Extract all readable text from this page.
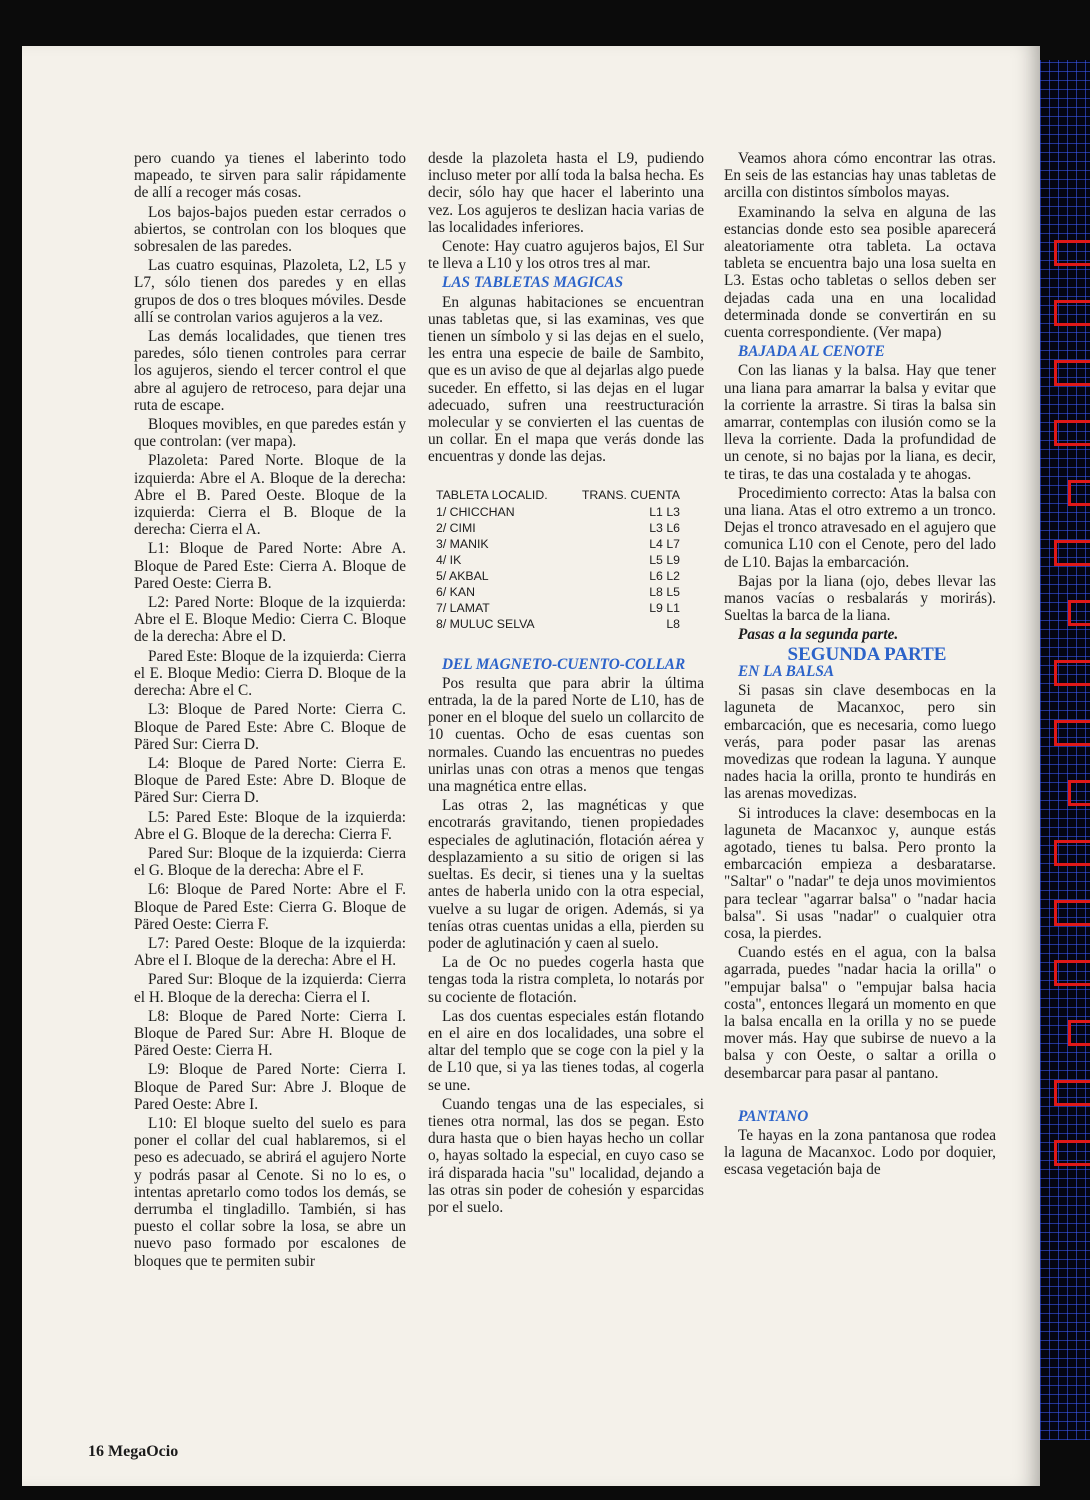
pero cuando ya tienes el laberinto todo mapeado, te sirven para salir rápidamente de allí a recoger más cosas.

Los bajos-bajos pueden estar cerrados o abiertos, se controlan con los bloques que sobresalen de las paredes.

Las cuatro esquinas, Plazoleta, L2, L5 y L7, sólo tienen dos paredes y en ellas grupos de dos o tres bloques móviles. Desde allí se controlan varios agujeros a la vez.

Las demás localidades, que tienen tres paredes, sólo tienen controles para cerrar los agujeros, siendo el tercer control el que abre al agujero de retroceso, para dejar una ruta de escape.

Bloques movibles, en que paredes están y que controlan: (ver mapa).

Plazoleta: Pared Norte. Bloque de la izquierda: Abre el A. Bloque de la derecha: Abre el B. Pared Oeste. Bloque de la izquierda: Cierra el B. Bloque de la derecha: Cierra el A.

L1: Bloque de Pared Norte: Abre A. Bloque de Pared Este: Cierra A. Bloque de Pared Oeste: Cierra B.

L2: Pared Norte: Bloque de la izquierda: Abre el E. Bloque Medio: Cierra C. Bloque de la derecha: Abre el D.

Pared Este: Bloque de la izquierda: Cierra el E. Bloque Medio: Cierra D. Bloque de la derecha: Abre el C.

L3: Bloque de Pared Norte: Cierra C. Bloque de Pared Este: Abre C. Bloque de Päred Sur: Cierra D.

L4: Bloque de Pared Norte: Cierra E. Bloque de Pared Este: Abre D. Bloque de Päred Sur: Cierra D.

L5: Pared Este: Bloque de la izquierda: Abre el G. Bloque de la derecha: Cierra F.

Pared Sur: Bloque de la izquierda: Cierra el G. Bloque de la derecha: Abre el F.

L6: Bloque de Pared Norte: Abre el F. Bloque de Pared Este: Cierra G. Bloque de Päred Oeste: Cierra F.

L7: Pared Oeste: Bloque de la izquierda: Abre el I. Bloque de la derecha: Abre el H.

Pared Sur: Bloque de la izquierda: Cierra el H. Bloque de la derecha: Cierra el I.

L8: Bloque de Pared Norte: Cierra I. Bloque de Pared Sur: Abre H. Bloque de Päred Oeste: Cierra H.

L9: Bloque de Pared Norte: Cierra I. Bloque de Pared Sur: Abre J. Bloque de Pared Oeste: Abre I.

L10: El bloque suelto del suelo es para poner el collar del cual hablaremos, si el peso es adecuado, se abrirá el agujero Norte y podrás pasar al Cenote. Si no lo es, o intentas apretarlo como todos los demás, se derrumba el tingladillo. También, si has puesto el collar sobre la losa, se abre un nuevo paso formado por escalones de bloques que te permiten subir

desde la plazoleta hasta el L9, pudiendo incluso meter por allí toda la balsa hecha. Es decir, sólo hay que hacer el laberinto una vez. Los agujeros te deslizan hacia varias de las localidades inferiores.

Cenote: Hay cuatro agujeros bajos, El Sur te lleva a L10 y los otros tres al mar.

LAS TABLETAS MAGICAS

En algunas habitaciones se encuentran unas tabletas que, si las examinas, ves que tienen un símbolo y si las dejas en el suelo, les entra una especie de baile de Sambito, que es un aviso de que al dejarlas algo puede suceder. En effetto, si las dejas en el lugar adecuado, sufren una reestructuración molecular y se convierten el las cuentas de un collar. En el mapa que verás donde las encuentras y donde las dejas.

TABLETA LOCALID.	TRANS. CUENTA
1/ CHICCHAN	L1 L3
2/ CIMI	L3 L6
3/ MANIK	L4 L7
4/ IK	L5 L9
5/ AKBAL	L6 L2
6/ KAN	L8 L5
7/ LAMAT	L9 L1
8/ MULUC SELVA	L8

DEL MAGNETO-CUENTO-COLLAR

Pos resulta que para abrir la última entrada, la de la pared Norte de L10, has de poner en el bloque del suelo un collarcito de 10 cuentas. Ocho de esas cuentas son normales. Cuando las encuentras no puedes unirlas unas con otras a menos que tengas una magnética entre ellas.

Las otras 2, las magnéticas y que encotrarás gravitando, tienen propiedades especiales de aglutinación, flotación aérea y desplazamiento a su sitio de origen si las sueltas. Es decir, si tienes una y la sueltas antes de haberla unido con la otra especial, vuelve a su lugar de origen. Además, si ya tenías otras cuentas unidas a ella, pierden su poder de aglutinación y caen al suelo.

La de Oc no puedes cogerla hasta que tengas toda la ristra completa, lo notarás por su cociente de flotación.

Las dos cuentas especiales están flotando en el aire en dos localidades, una sobre el altar del templo que se coge con la piel y la de L10 que, si ya las tienes todas, al cogerla se une.

Cuando tengas una de las especiales, si tienes otra normal, las dos se pegan. Esto dura hasta que o bien hayas hecho un collar o, hayas soltado la especial, en cuyo caso se irá disparada hacia "su" localidad, dejando a las otras sin poder de cohesión y esparcidas por el suelo.

Veamos ahora cómo encontrar las otras. En seis de las estancias hay unas tabletas de arcilla con distintos símbolos mayas.

Examinando la selva en alguna de las estancias donde esto sea posible aparecerá aleatoriamente otra tableta. La octava tableta se encuentra bajo una losa suelta en L3. Estas ocho tabletas o sellos deben ser dejadas cada una en una localidad determinada donde se convertirán en su cuenta correspondiente. (Ver mapa)

BAJADA AL CENOTE

Con las lianas y la balsa. Hay que tener una liana para amarrar la balsa y evitar que la corriente la arrastre. Si tiras la balsa sin amarrar, contemplas con ilusión como se la lleva la corriente. Dada la profundidad de un cenote, si no bajas por la liana, es decir, te tiras, te das una costalada y te ahogas.

Procedimiento correcto: Atas la balsa con una liana. Atas el otro extremo a un tronco. Dejas el tronco atravesado en el agujero que comunica L10 con el Cenote, pero del lado de L10. Bajas la embarcación.

Bajas por la liana (ojo, debes llevar las manos vacías o resbalarás y morirás). Sueltas la barca de la liana.

Pasas a la segunda parte.

SEGUNDA PARTE

EN LA BALSA

Si pasas sin clave desembocas en la laguneta de Macanxoc, pero sin embarcación, que es necesaria, como luego verás, para poder pasar las arenas movedizas que rodean la laguna. Y aunque nades hacia la orilla, pronto te hundirás en las arenas movedizas.

Si introduces la clave: desembocas en la laguneta de Macanxoc y, aunque estás agotado, tienes tu balsa. Pero pronto la embarcación empieza a desbaratarse. "Saltar" o "nadar" te deja unos movimientos para teclear "agarrar balsa" o "nadar hacia balsa". Si usas "nadar" o cualquier otra cosa, la pierdes.

Cuando estés en el agua, con la balsa agarrada, puedes "nadar hacia la orilla" o "empujar balsa" o "empujar balsa hacia costa", entonces llegará un momento en que la balsa encalla en la orilla y no se puede mover más. Hay que subirse de nuevo a la balsa y con Oeste, o saltar a orilla o desembarcar para pasar al pantano.

PANTANO

Te hayas en la zona pantanosa que rodea la laguna de Macanxoc. Lodo por doquier, escasa vegetación baja de

16 MegaOcio
